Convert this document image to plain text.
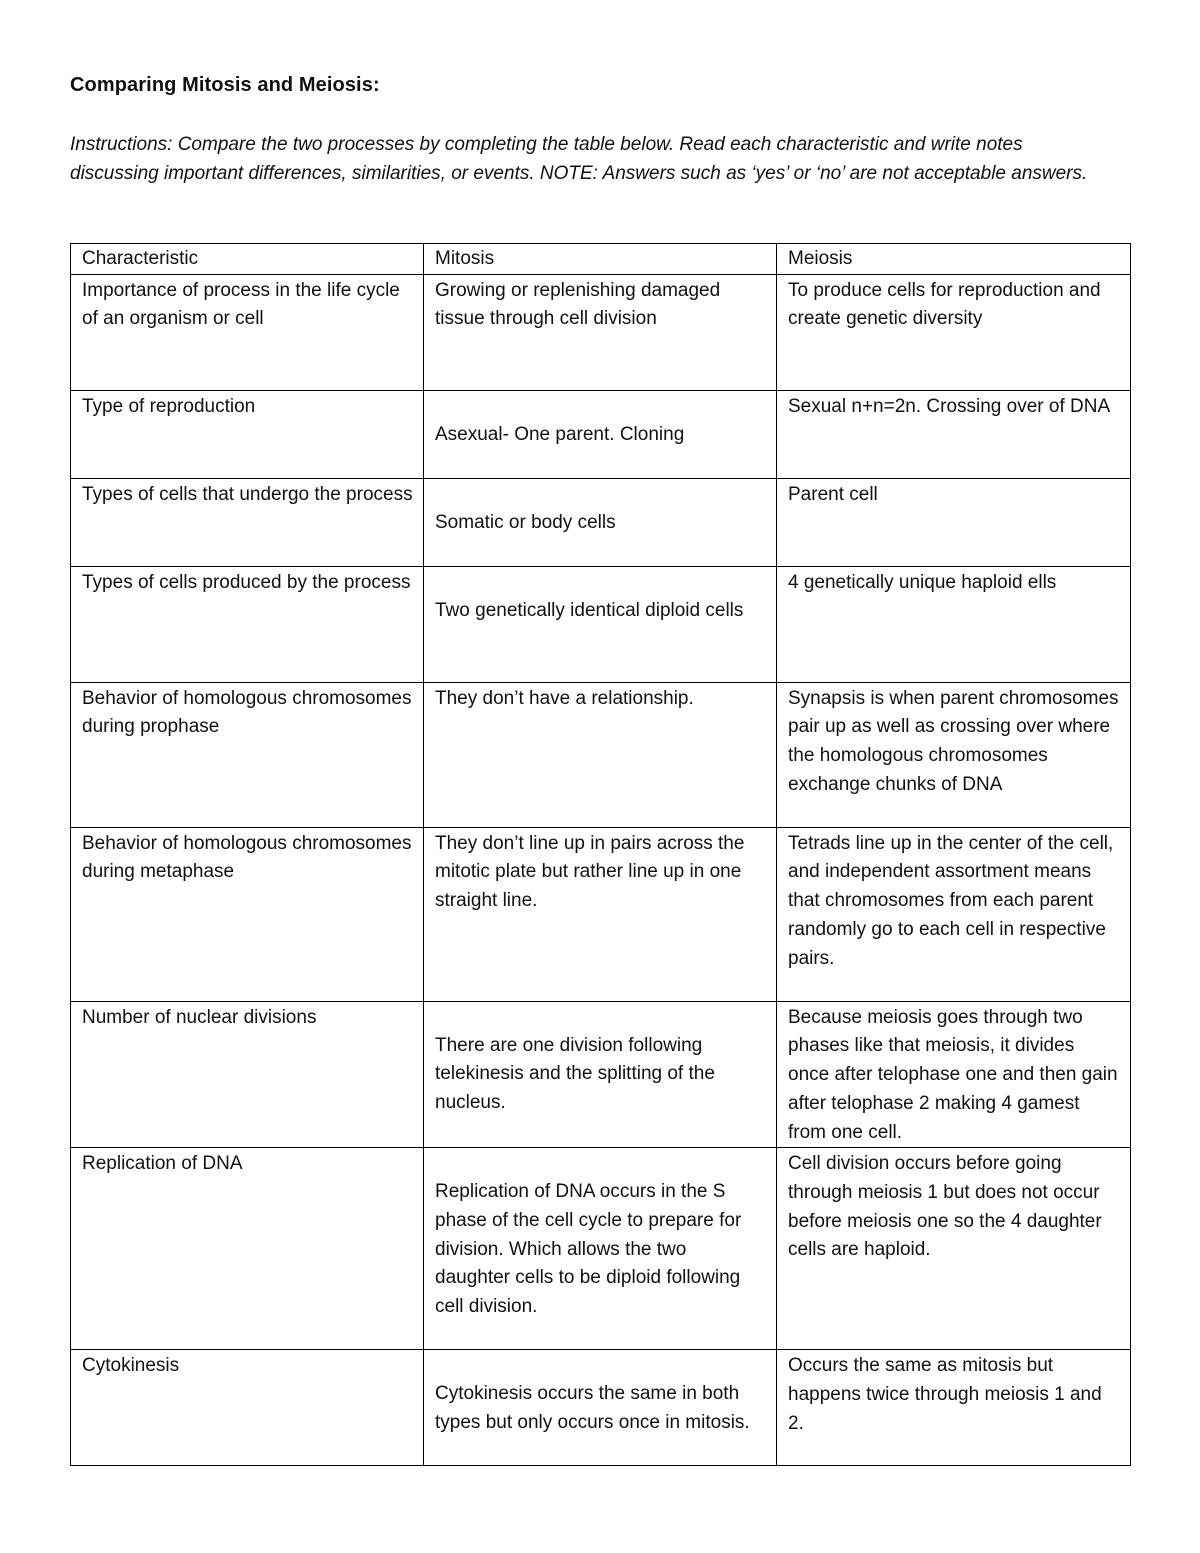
Comparing Mitosis and Meiosis:
Instructions: Compare the two processes by completing the table below. Read each characteristic and write notes discussing important differences, similarities, or events. NOTE: Answers such as ‘yes’ or ‘no’ are not acceptable answers.
Characteristic	Mitosis	Meiosis
Importance of process in the life cycle of an organism or cell	Growing or replenishing damaged tissue through cell division	To produce cells for reproduction and create genetic diversity
Type of reproduction	Asexual- One parent. Cloning	Sexual n+n=2n. Crossing over of DNA
Types of cells that undergo the process	Somatic or body cells	Parent cell
Types of cells produced by the process	Two genetically identical diploid cells	4 genetically unique haploid ells
Behavior of homologous chromosomes during prophase	They don’t have a relationship.	Synapsis is when parent chromosomes pair up as well as crossing over where the homologous chromosomes exchange chunks of DNA
Behavior of homologous chromosomes during metaphase	They don’t line up in pairs across the mitotic plate but rather line up in one straight line.	Tetrads line up in the center of the cell, and independent assortment means that chromosomes from each parent randomly go to each cell in respective pairs.
Number of nuclear divisions	There are one division following telekinesis and the splitting of the nucleus.	Because meiosis goes through two phases like that meiosis, it divides once after telophase one and then gain after telophase 2 making 4 gamest from one cell.
Replication of DNA	Replication of DNA occurs in the S phase of the cell cycle to prepare for division. Which allows the two daughter cells to be diploid following cell division.	Cell division occurs before going through meiosis 1 but does not occur before meiosis one so the 4 daughter cells are haploid.
Cytokinesis	Cytokinesis occurs the same in both types but only occurs once in mitosis.	Occurs the same as mitosis but happens twice through meiosis 1 and 2.
